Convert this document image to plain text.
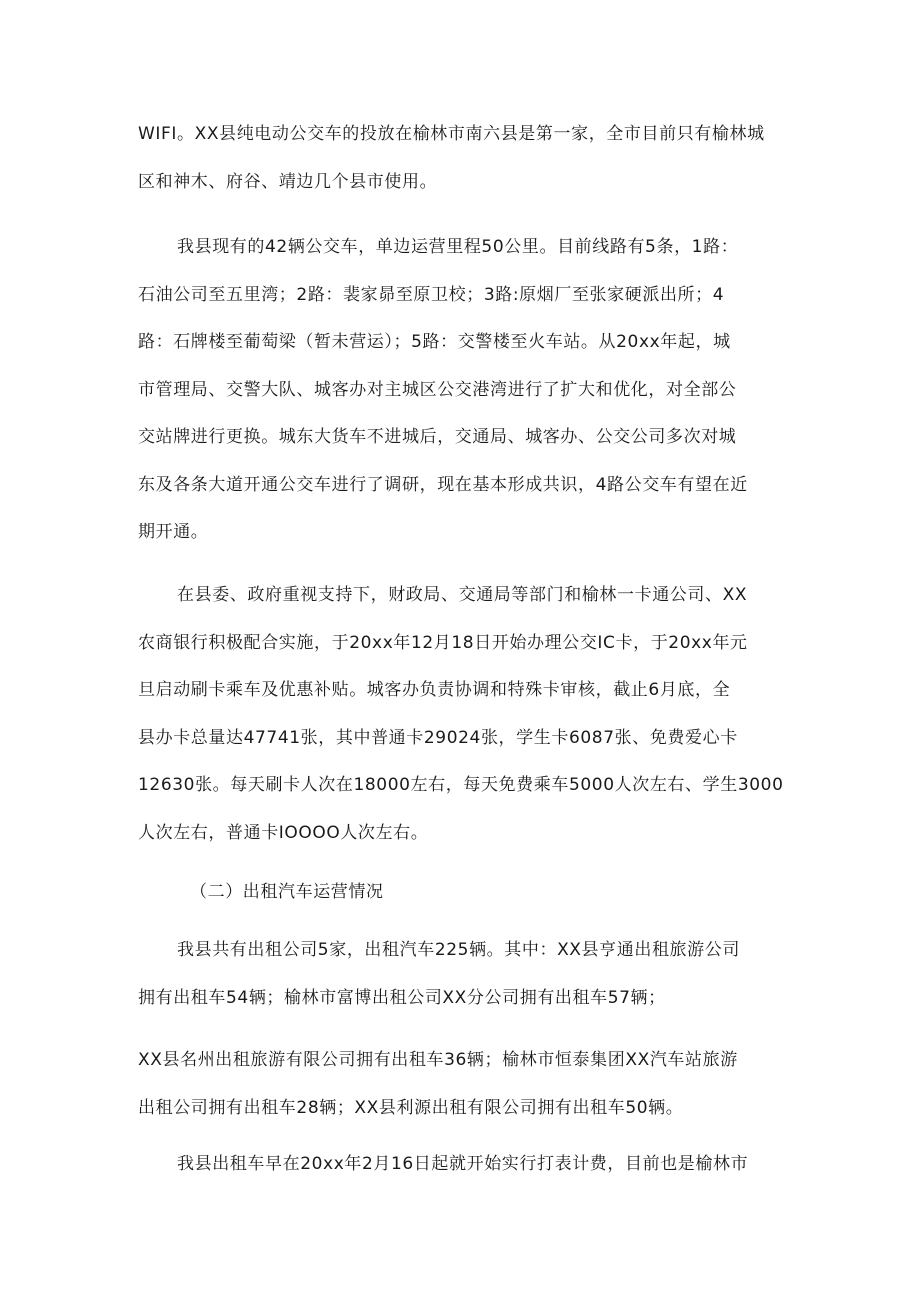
WIFI。XX县纯电动公交车的投放在榆林市南六县是第一家，全市目前只有榆林城
区和神木、府谷、靖边几个县市使用。
我县现有的42辆公交车，单边运营里程50公里。目前线路有5条，1路：
石油公司至五里湾；2路：裴家昴至原卫校；3路:原烟厂至张家硬派出所；4
路：石牌楼至葡萄梁（暂未营运）；5路：交警楼至火车站。从20xx年起，城
市管理局、交警大队、城客办对主城区公交港湾进行了扩大和优化，对全部公
交站牌进行更换。城东大货车不进城后，交通局、城客办、公交公司多次对城
东及各条大道开通公交车进行了调研，现在基本形成共识，4路公交车有望在近
期开通。
在县委、政府重视支持下，财政局、交通局等部门和榆林一卡通公司、XX
农商银行积极配合实施，于20xx年12月18日开始办理公交IC卡，于20xx年元
旦启动刷卡乘车及优惠补贴。城客办负责协调和特殊卡审核，截止6月底，全
县办卡总量达47741张，其中普通卡29024张，学生卡6087张、免费爱心卡
12630张。每天刷卡人次在18000左右，每天免费乘车5000人次左右、学生3000
人次左右，普通卡IOOOO人次左右。
（二）出租汽车运营情况
我县共有出租公司5家，出租汽车225辆。其中：XX县亨通出租旅游公司
拥有出租车54辆；榆林市富博出租公司XX分公司拥有出租车57辆；
XX县名州出租旅游有限公司拥有出租车36辆；榆林市恒泰集团XX汽车站旅游
出租公司拥有出租车28辆；XX县利源出租有限公司拥有出租车50辆。
我县出租车早在20xx年2月16日起就开始实行打表计费，目前也是榆林市
